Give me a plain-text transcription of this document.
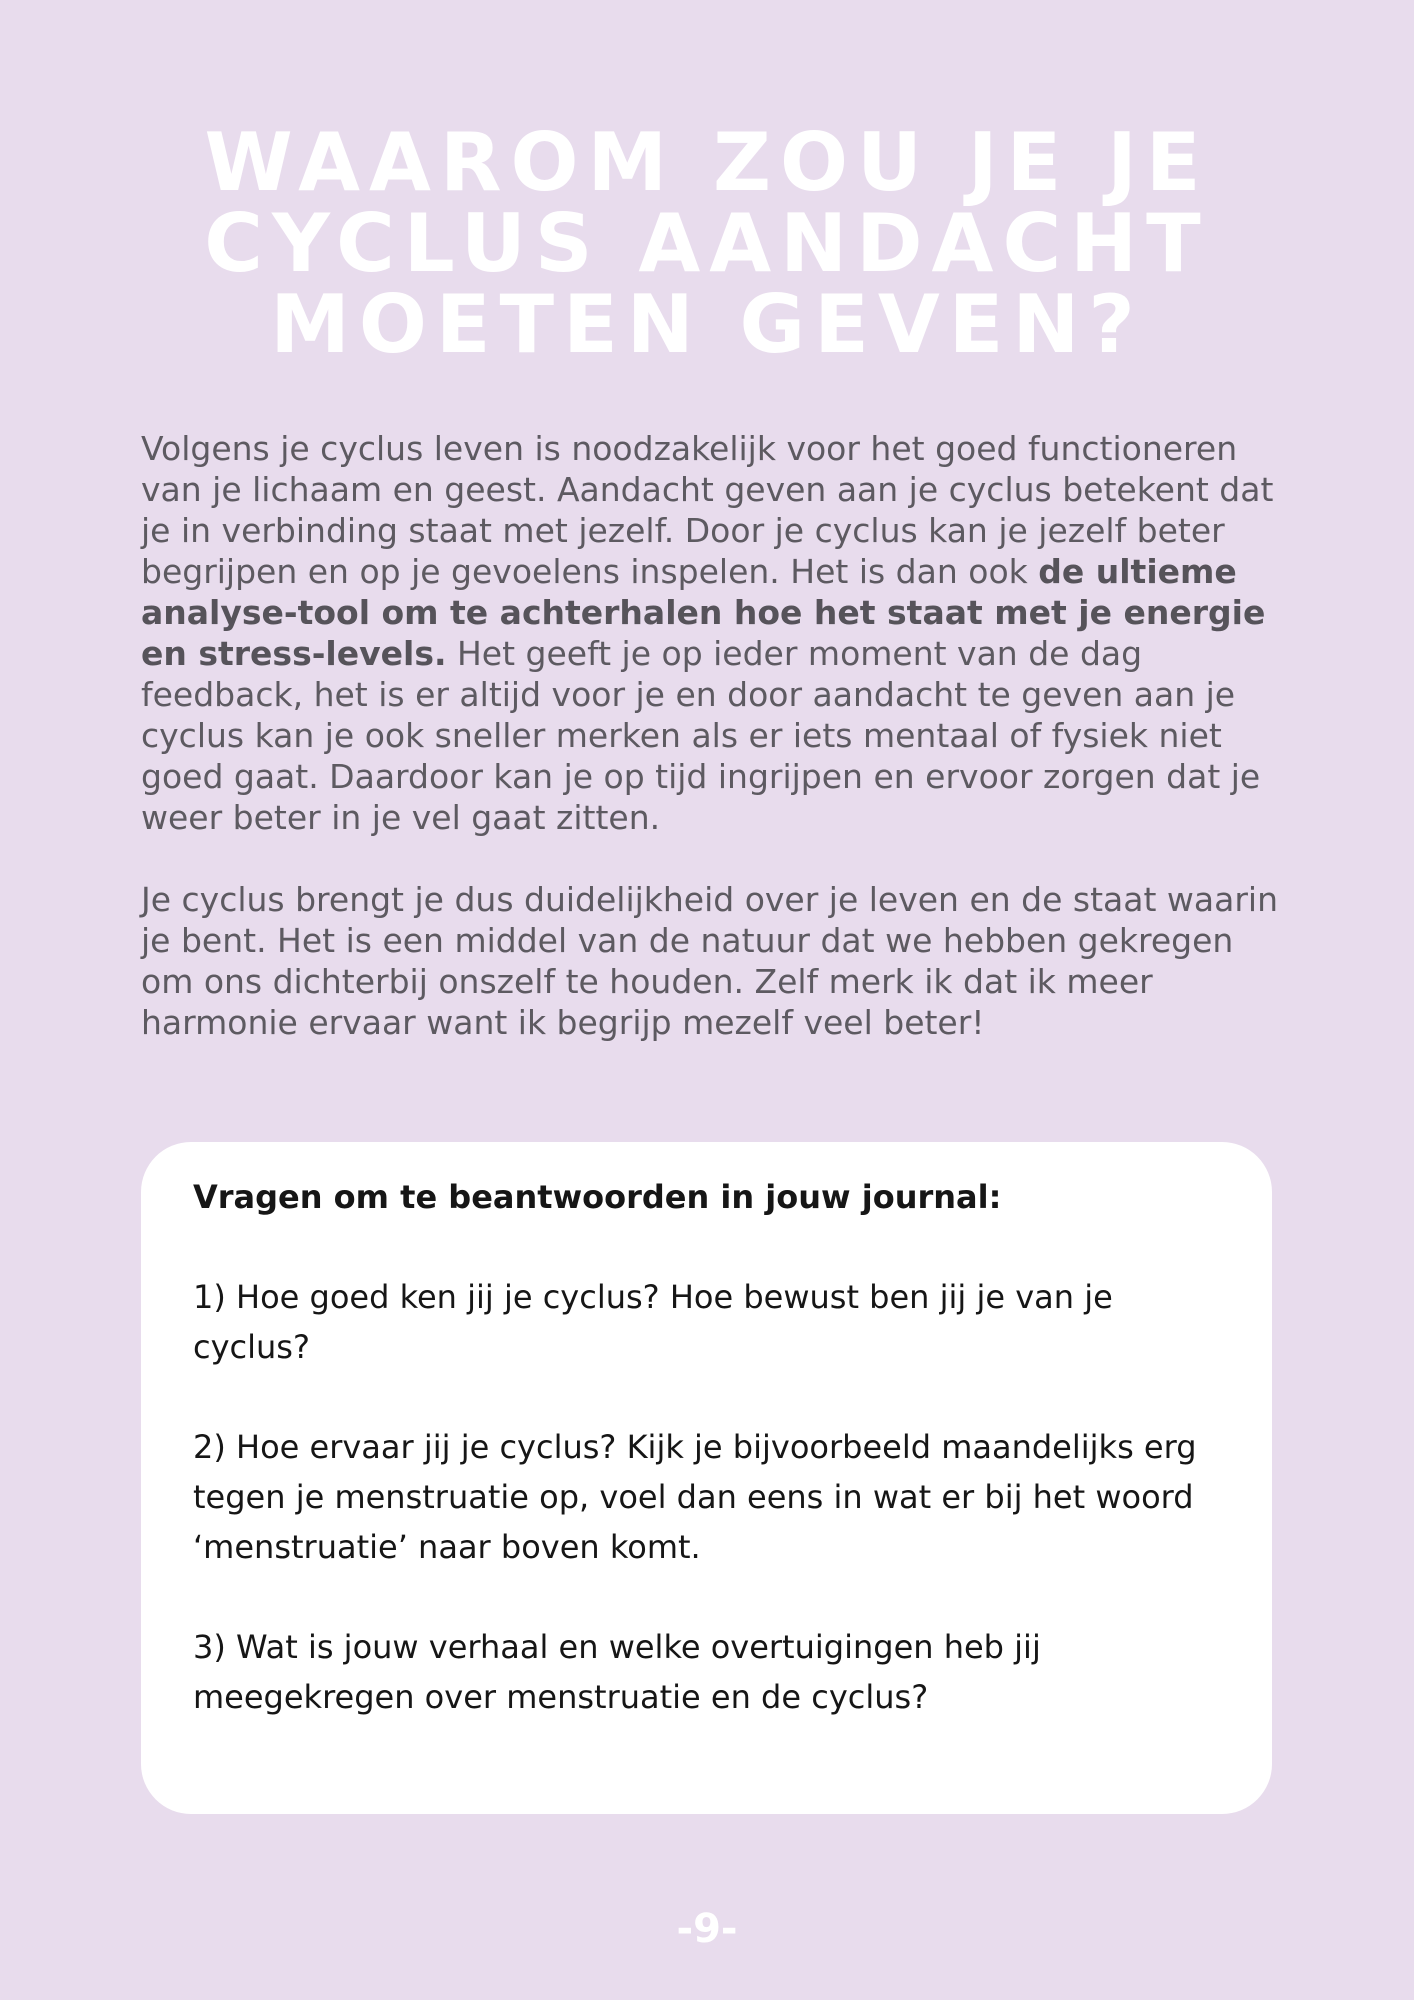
WAAROM ZOU JE JE
CYCLUS AANDACHT
MOETEN GEVEN?

Volgens je cyclus leven is noodzakelijk voor het goed functioneren van je lichaam en geest. Aandacht geven aan je cyclus betekent dat je in verbinding staat met jezelf. Door je cyclus kan je jezelf beter begrijpen en op je gevoelens inspelen. Het is dan ook de ultieme analyse-tool om te achterhalen hoe het staat met je energie en stress-levels. Het geeft je op ieder moment van de dag feedback, het is er altijd voor je en door aandacht te geven aan je cyclus kan je ook sneller merken als er iets mentaal of fysiek niet goed gaat. Daardoor kan je op tijd ingrijpen en ervoor zorgen dat je weer beter in je vel gaat zitten.

Je cyclus brengt je dus duidelijkheid over je leven en de staat waarin je bent. Het is een middel van de natuur dat we hebben gekregen om ons dichterbij onszelf te houden. Zelf merk ik dat ik meer harmonie ervaar want ik begrijp mezelf veel beter!

Vragen om te beantwoorden in jouw journal:

1) Hoe goed ken jij je cyclus? Hoe bewust ben jij je van je cyclus?

2) Hoe ervaar jij je cyclus? Kijk je bijvoorbeeld maandelijks erg tegen je menstruatie op, voel dan eens in wat er bij het woord ‘menstruatie’ naar boven komt.

3) Wat is jouw verhaal en welke overtuigingen heb jij meegekregen over menstruatie en de cyclus?

-9-
